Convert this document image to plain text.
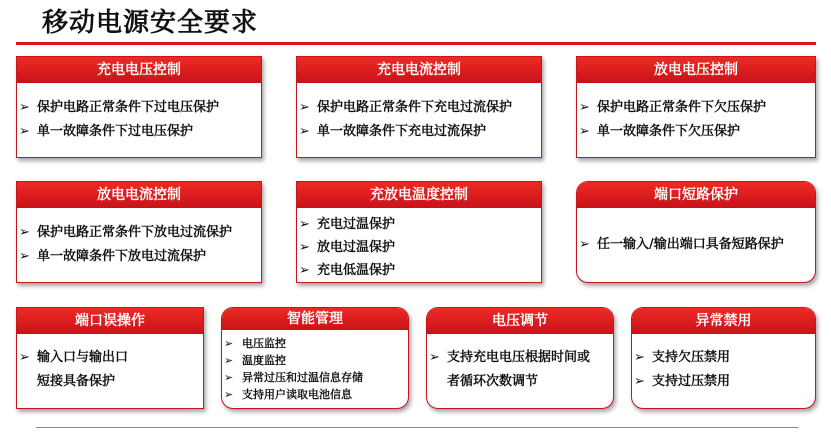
移动电源安全要求
充电电压控制
➢ 保护电路正常条件下过电压保护
➢ 单一故障条件下过电压保护
充电电流控制
➢ 保护电路正常条件下充电过流保护
➢ 单一故障条件下充电过流保护
放电电压控制
➢ 保护电路正常条件下欠压保护
➢ 单一故障条件下欠压保护
放电电流控制
➢ 保护电路正常条件下放电过流保护
➢ 单一故障条件下放电过流保护
充放电温度控制
➢ 充电过温保护
➢ 放电过温保护
➢ 充电低温保护
端口短路保护
➢ 任一输入/输出端口具备短路保护
端口误操作
➢ 输入口与输出口
短接具备保护
智能管理
➢ 电压监控
➢ 温度监控
➢ 异常过压和过温信息存储
➢ 支持用户读取电池信息
电压调节
➢ 支持充电电压根据时间或
者循环次数调节
异常禁用
➢ 支持欠压禁用
➢ 支持过压禁用
